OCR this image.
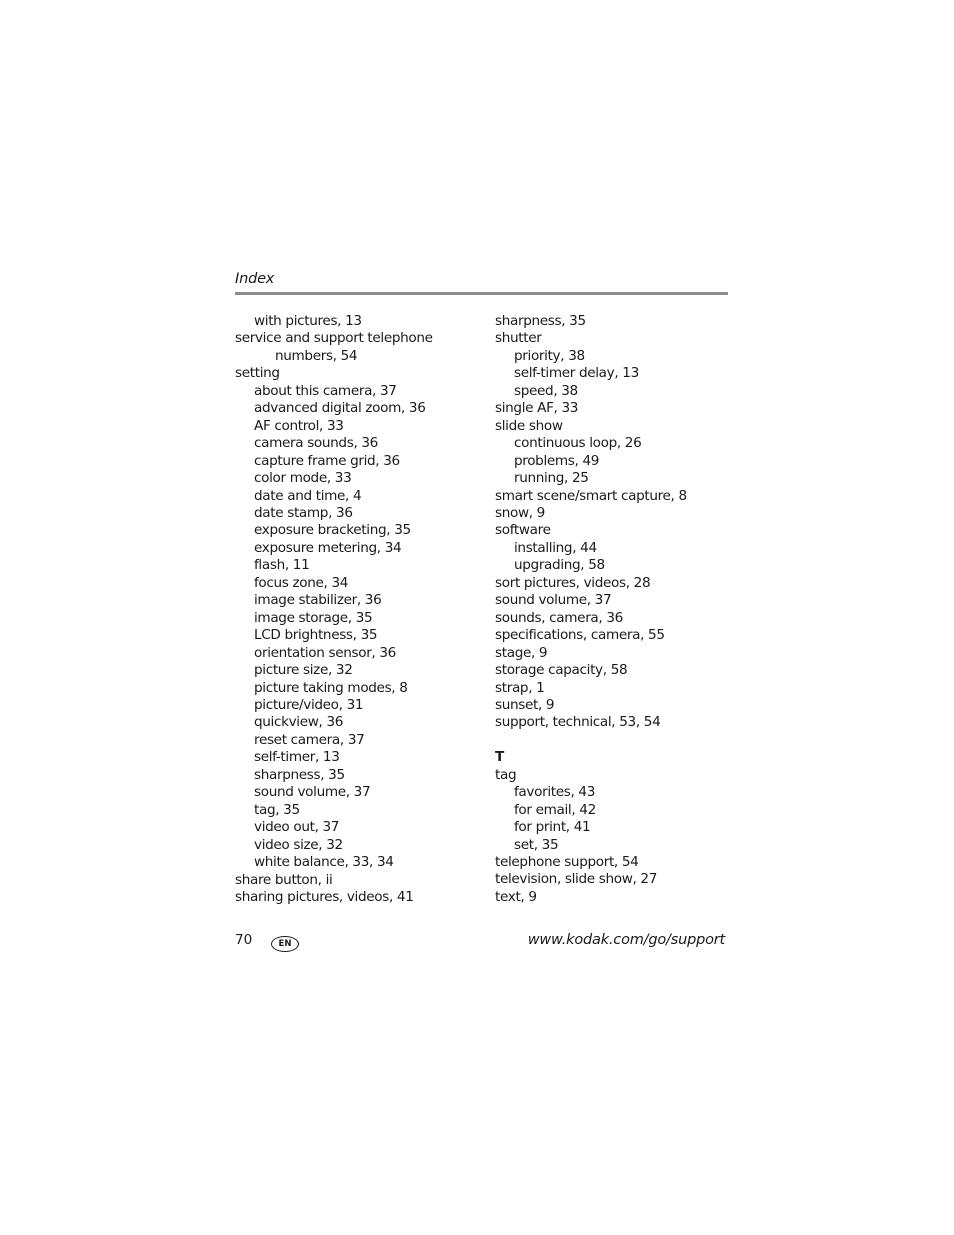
Index
with pictures, 13
service and support telephone
numbers, 54
setting
about this camera, 37
advanced digital zoom, 36
AF control, 33
camera sounds, 36
capture frame grid, 36
color mode, 33
date and time, 4
date stamp, 36
exposure bracketing, 35
exposure metering, 34
flash, 11
focus zone, 34
image stabilizer, 36
image storage, 35
LCD brightness, 35
orientation sensor, 36
picture size, 32
picture taking modes, 8
picture/video, 31
quickview, 36
reset camera, 37
self-timer, 13
sharpness, 35
sound volume, 37
tag, 35
video out, 37
video size, 32
white balance, 33, 34
share button, ii
sharing pictures, videos, 41
sharpness, 35
shutter
priority, 38
self-timer delay, 13
speed, 38
single AF, 33
slide show
continuous loop, 26
problems, 49
running, 25
smart scene/smart capture, 8
snow, 9
software
installing, 44
upgrading, 58
sort pictures, videos, 28
sound volume, 37
sounds, camera, 36
specifications, camera, 55
stage, 9
storage capacity, 58
strap, 1
sunset, 9
support, technical, 53, 54
T
tag
favorites, 43
for email, 42
for print, 41
set, 35
telephone support, 54
television, slide show, 27
text, 9
70	EN	www.kodak.com/go/support
